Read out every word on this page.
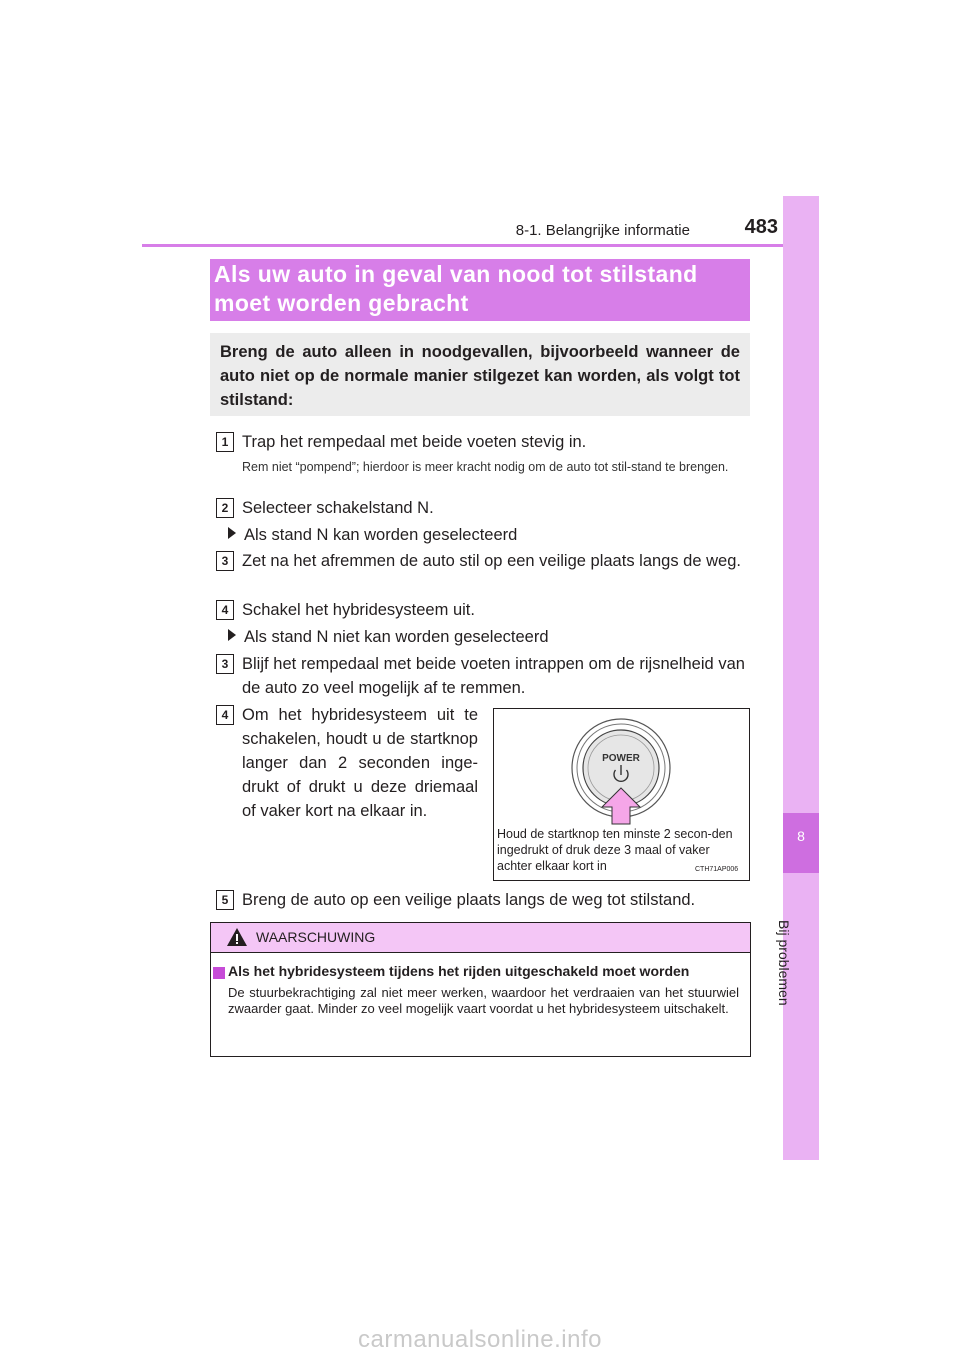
8-1. Belangrijke informatie	483
8
Bij problemen
Als uw auto in geval van nood tot stilstand
moet worden gebracht
Breng de auto alleen in noodgevallen, bijvoorbeeld wanneer de auto niet op de normale manier stilgezet kan worden, als volgt tot stilstand:
1 Trap het rempedaal met beide voeten stevig in.
Rem niet “pompend”; hierdoor is meer kracht nodig om de auto tot stil-stand te brengen.
2 Selecteer schakelstand N.
Als stand N kan worden geselecteerd
3 Zet na het afremmen de auto stil op een veilige plaats langs de weg.
4 Schakel het hybridesysteem uit.
Als stand N niet kan worden geselecteerd
3 Blijf het rempedaal met beide voeten intrappen om de rijsnelheid van de auto zo veel mogelijk af te remmen.
4 Om het hybridesysteem uit te schakelen, houdt u de startknop langer dan 2 seconden inge-drukt of drukt u deze driemaal of vaker kort na elkaar in.
POWER
Houd de startknop ten minste 2 secon-den ingedrukt of druk deze 3 maal of vaker achter elkaar kort in	CTH71AP006
5 Breng de auto op een veilige plaats langs de weg tot stilstand.
WAARSCHUWING
Als het hybridesysteem tijdens het rijden uitgeschakeld moet worden
De stuurbekrachtiging zal niet meer werken, waardoor het verdraaien van het stuurwiel zwaarder gaat. Minder zo veel mogelijk vaart voordat u het hybridesysteem uitschakelt.
carmanualsonline.info
